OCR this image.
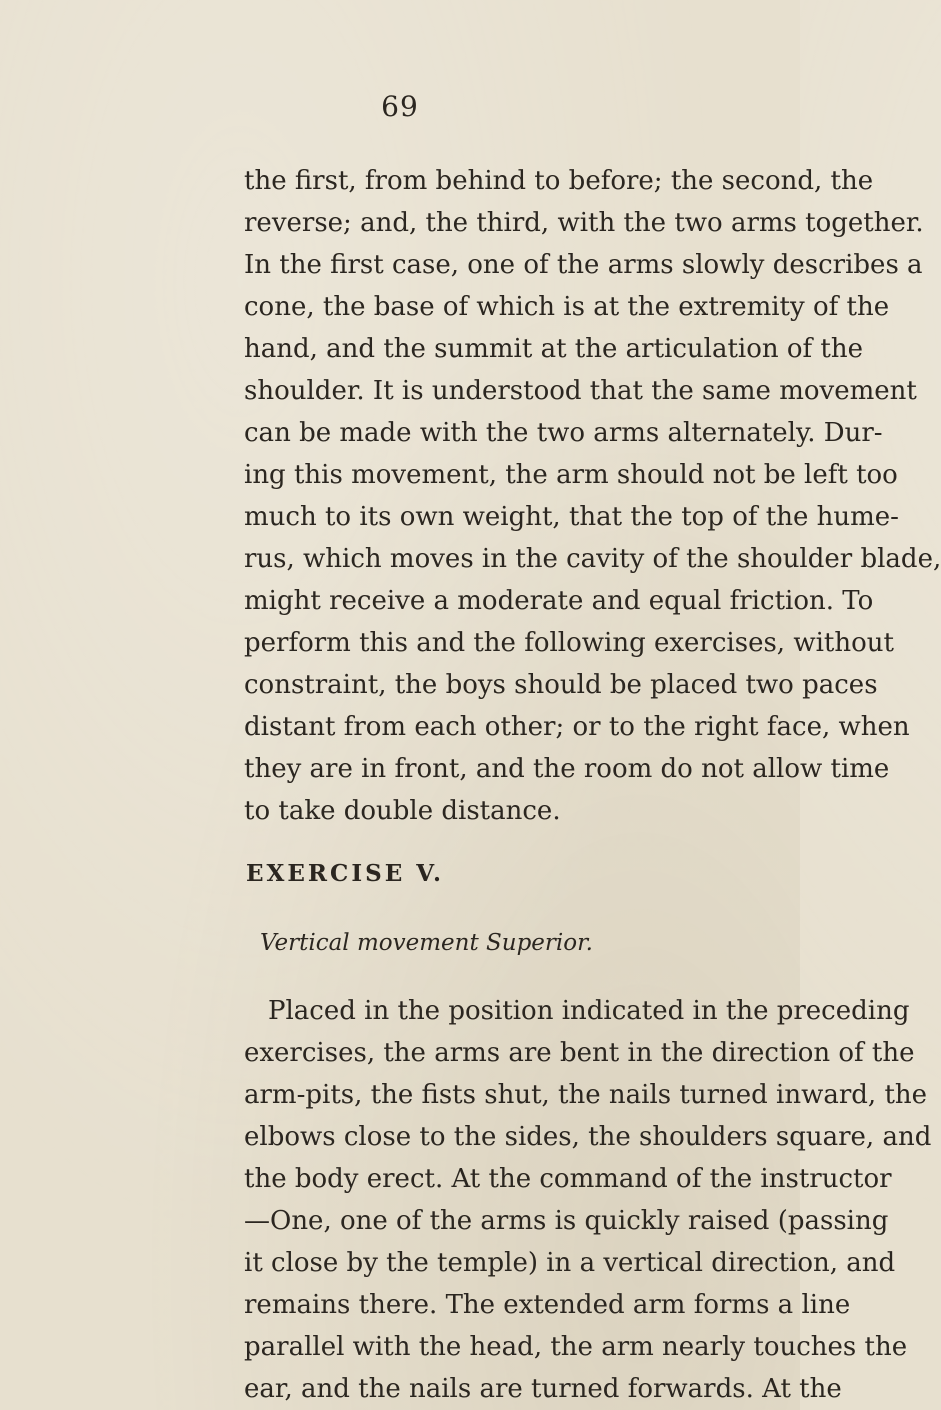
69
the first, from behind to before; the second, the
reverse; and, the third, with the two arms together.
In the first case, one of the arms slowly describes a
cone, the base of which is at the extremity of the
hand, and the summit at the articulation of the
shoulder. It is understood that the same movement
can be made with the two arms alternately. Dur-
ing this movement, the arm should not be left too
much to its own weight, that the top of the hume-
rus, which moves in the cavity of the shoulder blade,
might receive a moderate and equal friction. To
perform this and the following exercises, without
constraint, the boys should be placed two paces
distant from each other; or to the right face, when
they are in front, and the room do not allow time
to take double distance.
EXERCISE V.
Vertical movement Superior.
Placed in the position indicated in the preceding
exercises, the arms are bent in the direction of the
arm-pits, the fists shut, the nails turned inward, the
elbows close to the sides, the shoulders square, and
the body erect. At the command of the instructor
—One, one of the arms is quickly raised (passing
it close by the temple) in a vertical direction, and
remains there. The extended arm forms a line
parallel with the head, the arm nearly touches the
ear, and the nails are turned forwards. At the
